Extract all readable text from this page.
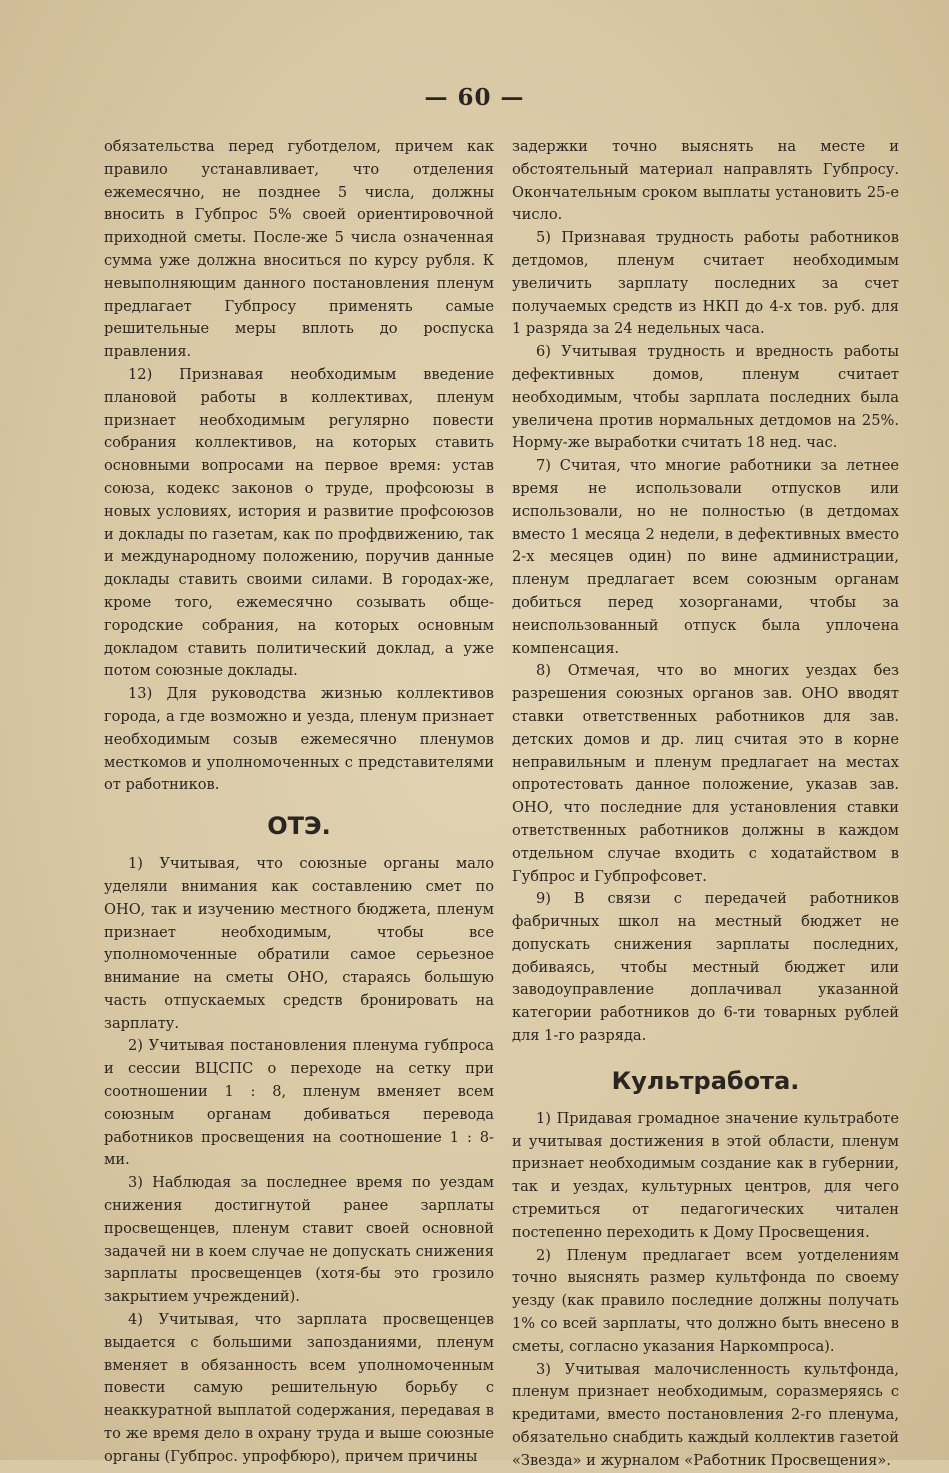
— 60 —

обязательства перед губотделом, причем как правило устанавливает, что отделения ежемесячно, не позднее 5 числа, должны вносить в Губпрос 5% своей ориентировочной приходной сметы. После-же 5 числа означенная сумма уже должна вноситься по курсу рубля. К невыполняющим данного постановления пленум предлагает Губпросу применять самые решительные меры вплоть до роспуска правления.

12) Признавая необходимым введение плановой работы в коллективах, пленум признает необходимым регулярно повести собрания коллективов, на которых ставить основными вопросами на первое время: устав союза, кодекс законов о труде, профсоюзы в новых условиях, история и развитие профсоюзов и доклады по газетам, как по профдвижению, так и международному положению, поручив данные доклады ставить своими силами. В городах-же, кроме того, ежемесячно созывать обще-городские собрания, на которых основным докладом ставить политический доклад, а уже потом союзные доклады.

13) Для руководства жизнью коллективов города, а где возможно и уезда, пленум признает необходимым созыв ежемесячно пленумов месткомов и уполномоченных с представителями от работников.

ОТЭ.

1) Учитывая, что союзные органы мало уделяли внимания как составлению смет по ОНО, так и изучению местного бюджета, пленум признает необходимым, чтобы все уполномоченные обратили самое серьезное внимание на сметы ОНО, стараясь большую часть отпускаемых средств бронировать на зарплату.

2) Учитывая постановления пленума губпроса и сессии ВЦСПС о переходе на сетку при соотношении 1 : 8, пленум вменяет всем союзным органам добиваться перевода работников просвещения на соотношение 1 : 8-ми.

3) Наблюдая за последнее время по уездам снижения достигнутой ранее зарплаты просвещенцев, пленум ставит своей основной задачей ни в коем случае не допускать снижения зарплаты просвещенцев (хотя-бы это грозило закрытием учреждений).

4) Учитывая, что зарплата просвещенцев выдается с большими запозданиями, пленум вменяет в обязанность всем уполномоченным повести самую решительную борьбу с неаккуратной выплатой содержания, передавая в то же время дело в охрану труда и выше союзные органы (Губпрос. упрофбюро), причем причины

задержки точно выяснять на месте и обстоятельный материал направлять Губпросу. Окончательным сроком выплаты установить 25-е число.

5) Признавая трудность работы работников детдомов, пленум считает необходимым увеличить зарплату последних за счет получаемых средств из НКП до 4-х тов. руб. для 1 разряда за 24 недельных часа.

6) Учитывая трудность и вредность работы дефективных домов, пленум считает необходимым, чтобы зарплата последних была увеличена против нормальных детдомов на 25%. Норму-же выработки считать 18 нед. час.

7) Считая, что многие работники за летнее время не использовали отпусков или использовали, но не полностью (в детдомах вместо 1 месяца 2 недели, в дефективных вместо 2-х месяцев один) по вине администрации, пленум предлагает всем союзным органам добиться перед хозорганами, чтобы за неиспользованный отпуск была уплочена компенсация.

8) Отмечая, что во многих уездах без разрешения союзных органов зав. ОНО вводят ставки ответственных работников для зав. детских домов и др. лиц считая это в корне неправильным и пленум предлагает на местах опротестовать данное положение, указав зав. ОНО, что последние для установления ставки ответственных работников должны в каждом отдельном случае входить с ходатайством в Губпрос и Губпрофсовет.

9) В связи с передачей работников фабричных школ на местный бюджет не допускать снижения зарплаты последних, добиваясь, чтобы местный бюджет или заводоуправление доплачивал указанной категории работников до 6-ти товарных рублей для 1-го разряда.

Культработа.

1) Придавая громадное значение культработе и учитывая достижения в этой области, пленум признает необходимым создание как в губернии, так и уездах, культурных центров, для чего стремиться от педагогических читален постепенно переходить к Дому Просвещения.

2) Пленум предлагает всем уотделениям точно выяснять размер культфонда по своему уезду (как правило последние должны получать 1% со всей зарплаты, что должно быть внесено в сметы, согласно указания Наркомпроса).

3) Учитывая малочисленность культфонда, пленум признает необходимым, соразмеряясь с кредитами, вместо постановления 2-го пленума, обязательно снабдить каждый коллектив газетой «Звезда» и журналом «Работник Просвещения».
